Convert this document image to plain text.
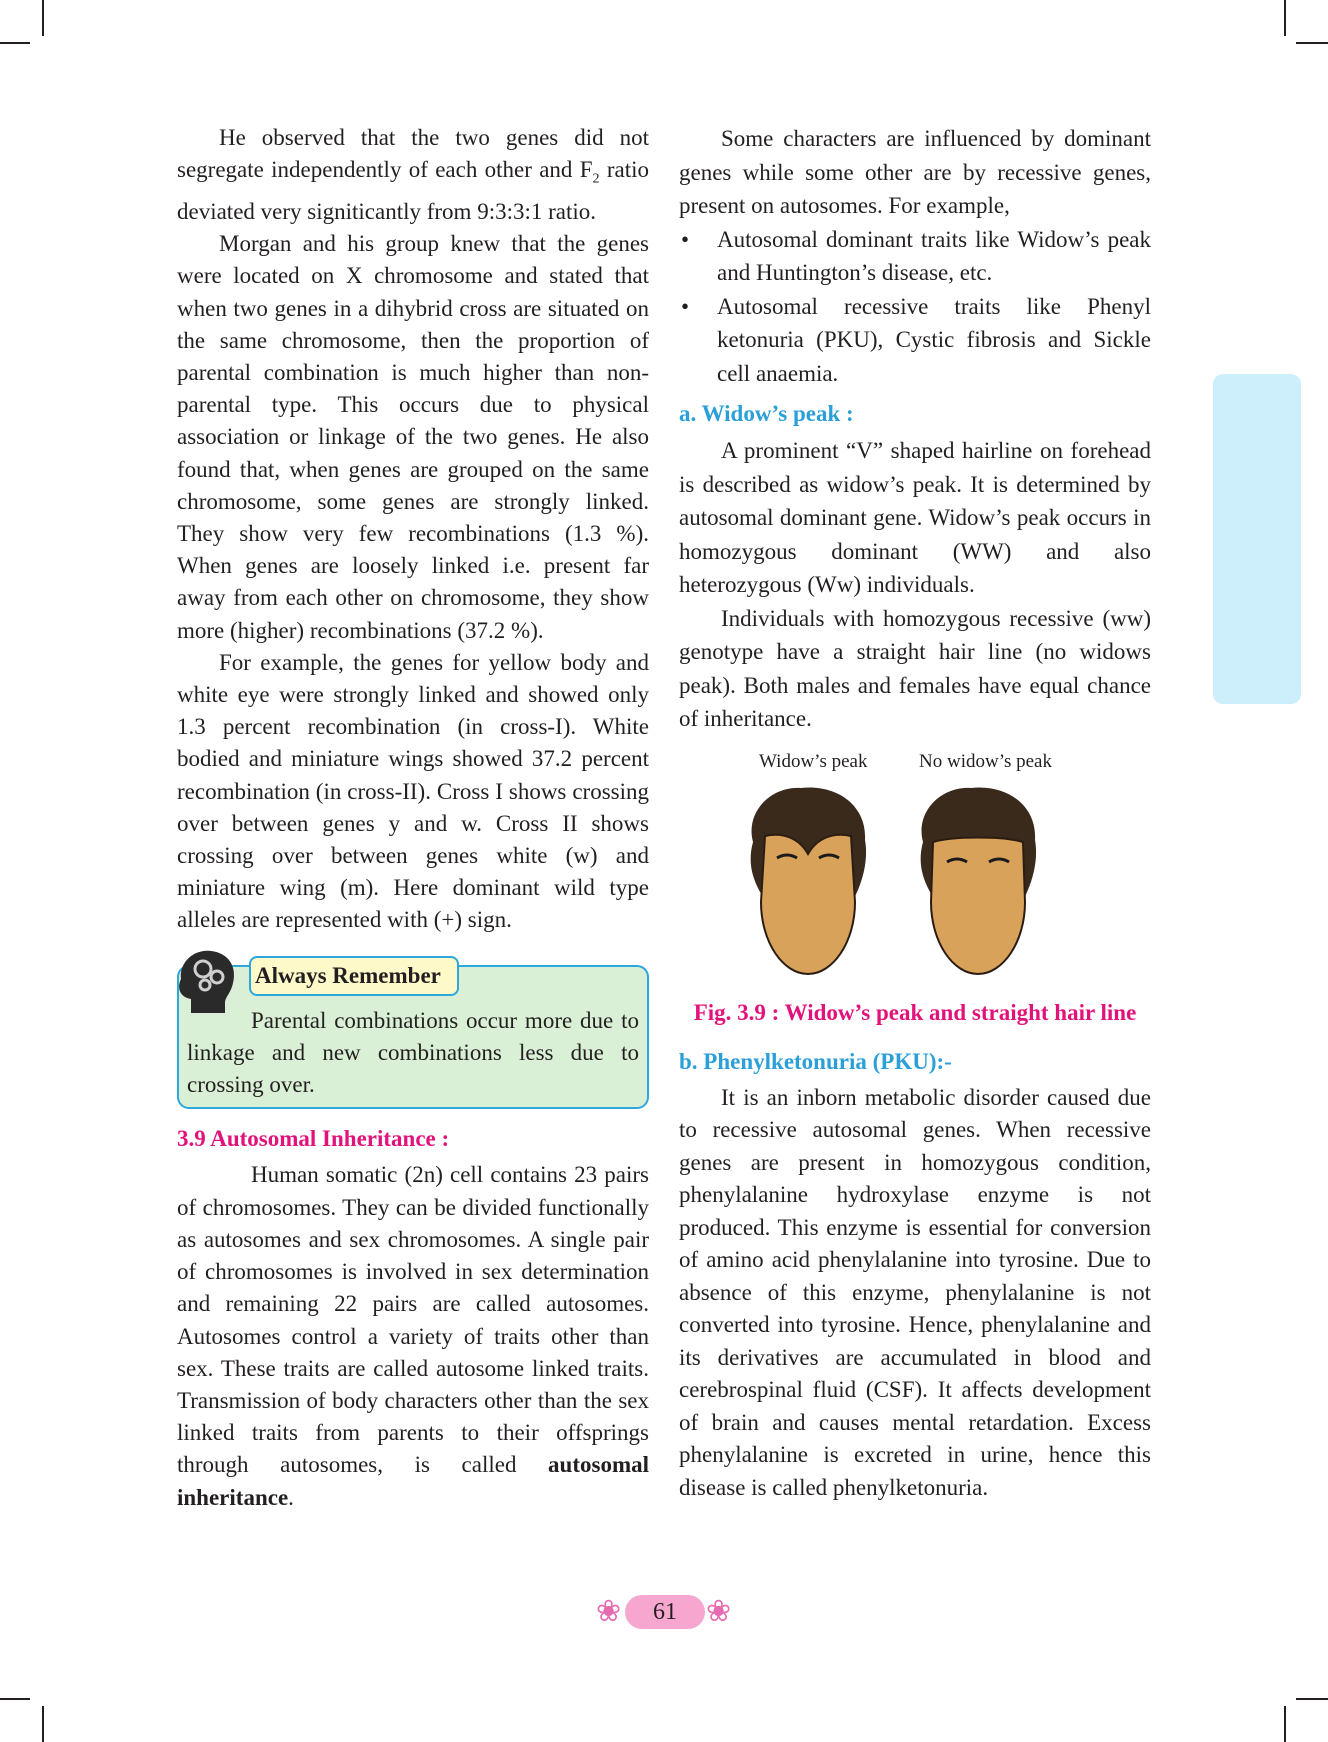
He observed that the two genes did not segregate independently of each other and $F_2$ ratio deviated very signiticantly from 9:3:3:1 ratio.

Morgan and his group knew that the genes were located on X chromosome and stated that when two genes in a dihybrid cross are situated on the same chromosome, then the proportion of parental combination is much higher than non-parental type. This occurs due to physical association or linkage of the two genes. He also found that, when genes are grouped on the same chromosome, some genes are strongly linked. They show very few recombinations (1.3 %). When genes are loosely linked i.e. present far away from each other on chromosome, they show more (higher) recombinations (37.2 %).

For example, the genes for yellow body and white eye were strongly linked and showed only 1.3 percent recombination (in cross-I). White bodied and miniature wings showed 37.2 percent recombination (in cross-II). Cross I shows crossing over between genes y and w. Cross II shows crossing over between genes white (w) and miniature wing (m). Here dominant wild type alleles are represented with (+) sign.

Always Remember

Parental combinations occur more due to linkage and new combinations less due to crossing over.

3.9 Autosomal Inheritance :

Human somatic (2n) cell contains 23 pairs of chromosomes. They can be divided functionally as autosomes and sex chromosomes. A single pair of chromosomes is involved in sex determination and remaining 22 pairs are called autosomes. Autosomes control a variety of traits other than sex. These traits are called autosome linked traits. Transmission of body characters other than the sex linked traits from parents to their offsprings through autosomes, is called autosomal inheritance.

Some characters are influenced by dominant genes while some other are by recessive genes, present on autosomes. For example,

• Autosomal dominant traits like Widow’s peak and Huntington’s disease, etc.
• Autosomal recessive traits like Phenyl ketonuria (PKU), Cystic fibrosis and Sickle cell anaemia.
a. Widow’s peak :

A prominent “V” shaped hairline on forehead is described as widow’s peak. It is determined by autosomal dominant gene. Widow’s peak occurs in homozygous dominant (WW) and also heterozygous (Ww) individuals.

Individuals with homozygous recessive (ww) genotype have a straight hair line (no widows peak). Both males and females have equal chance of inheritance.

Widow’s peak	No widow’s peak
Fig. 3.9 : Widow’s peak and straight hair line
b. Phenylketonuria (PKU):-

It is an inborn metabolic disorder caused due to recessive autosomal genes. When recessive genes are present in homozygous condition, phenylalanine hydroxylase enzyme is not produced. This enzyme is essential for conversion of amino acid phenylalanine into tyrosine. Due to absence of this enzyme, phenylalanine is not converted into tyrosine. Hence, phenylalanine and its derivatives are accumulated in blood and cerebrospinal fluid (CSF). It affects development of brain and causes mental retardation. Excess phenylalanine is excreted in urine, hence this disease is called phenylketonuria.

❀	61 ❀
